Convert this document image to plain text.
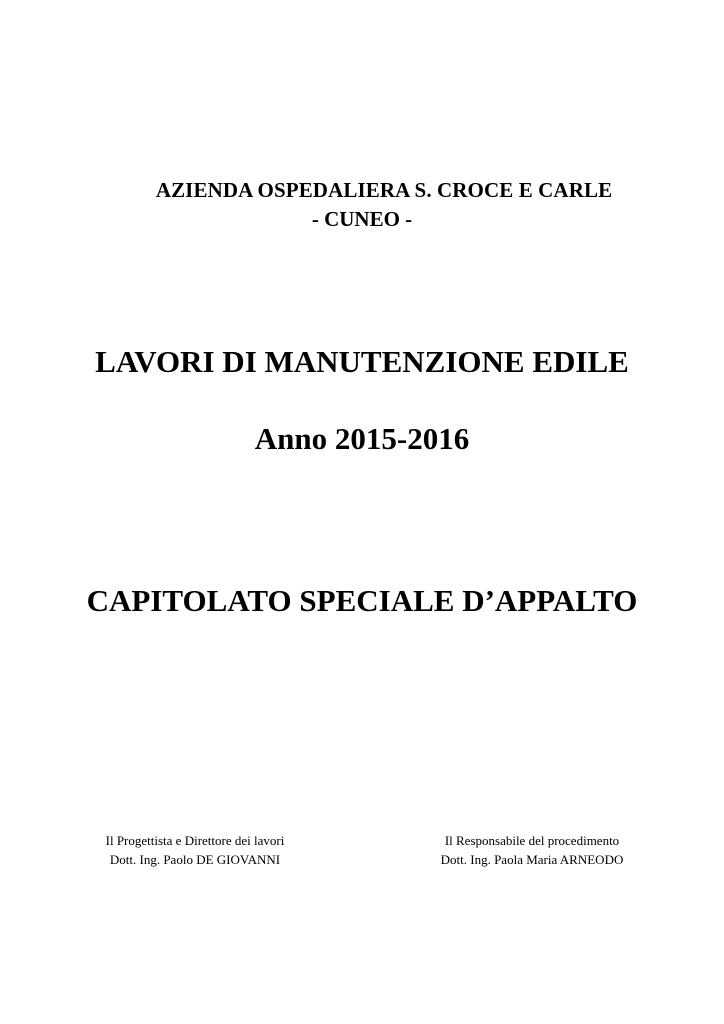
AZIENDA OSPEDALIERA S. CROCE E CARLE
- CUNEO -
LAVORI DI MANUTENZIONE EDILE
Anno 2015-2016
CAPITOLATO SPECIALE D’APPALTO
Il Progettista e Direttore dei lavori
Dott. Ing. Paolo DE GIOVANNI
Il Responsabile del procedimento
Dott. Ing. Paola Maria ARNEODO
